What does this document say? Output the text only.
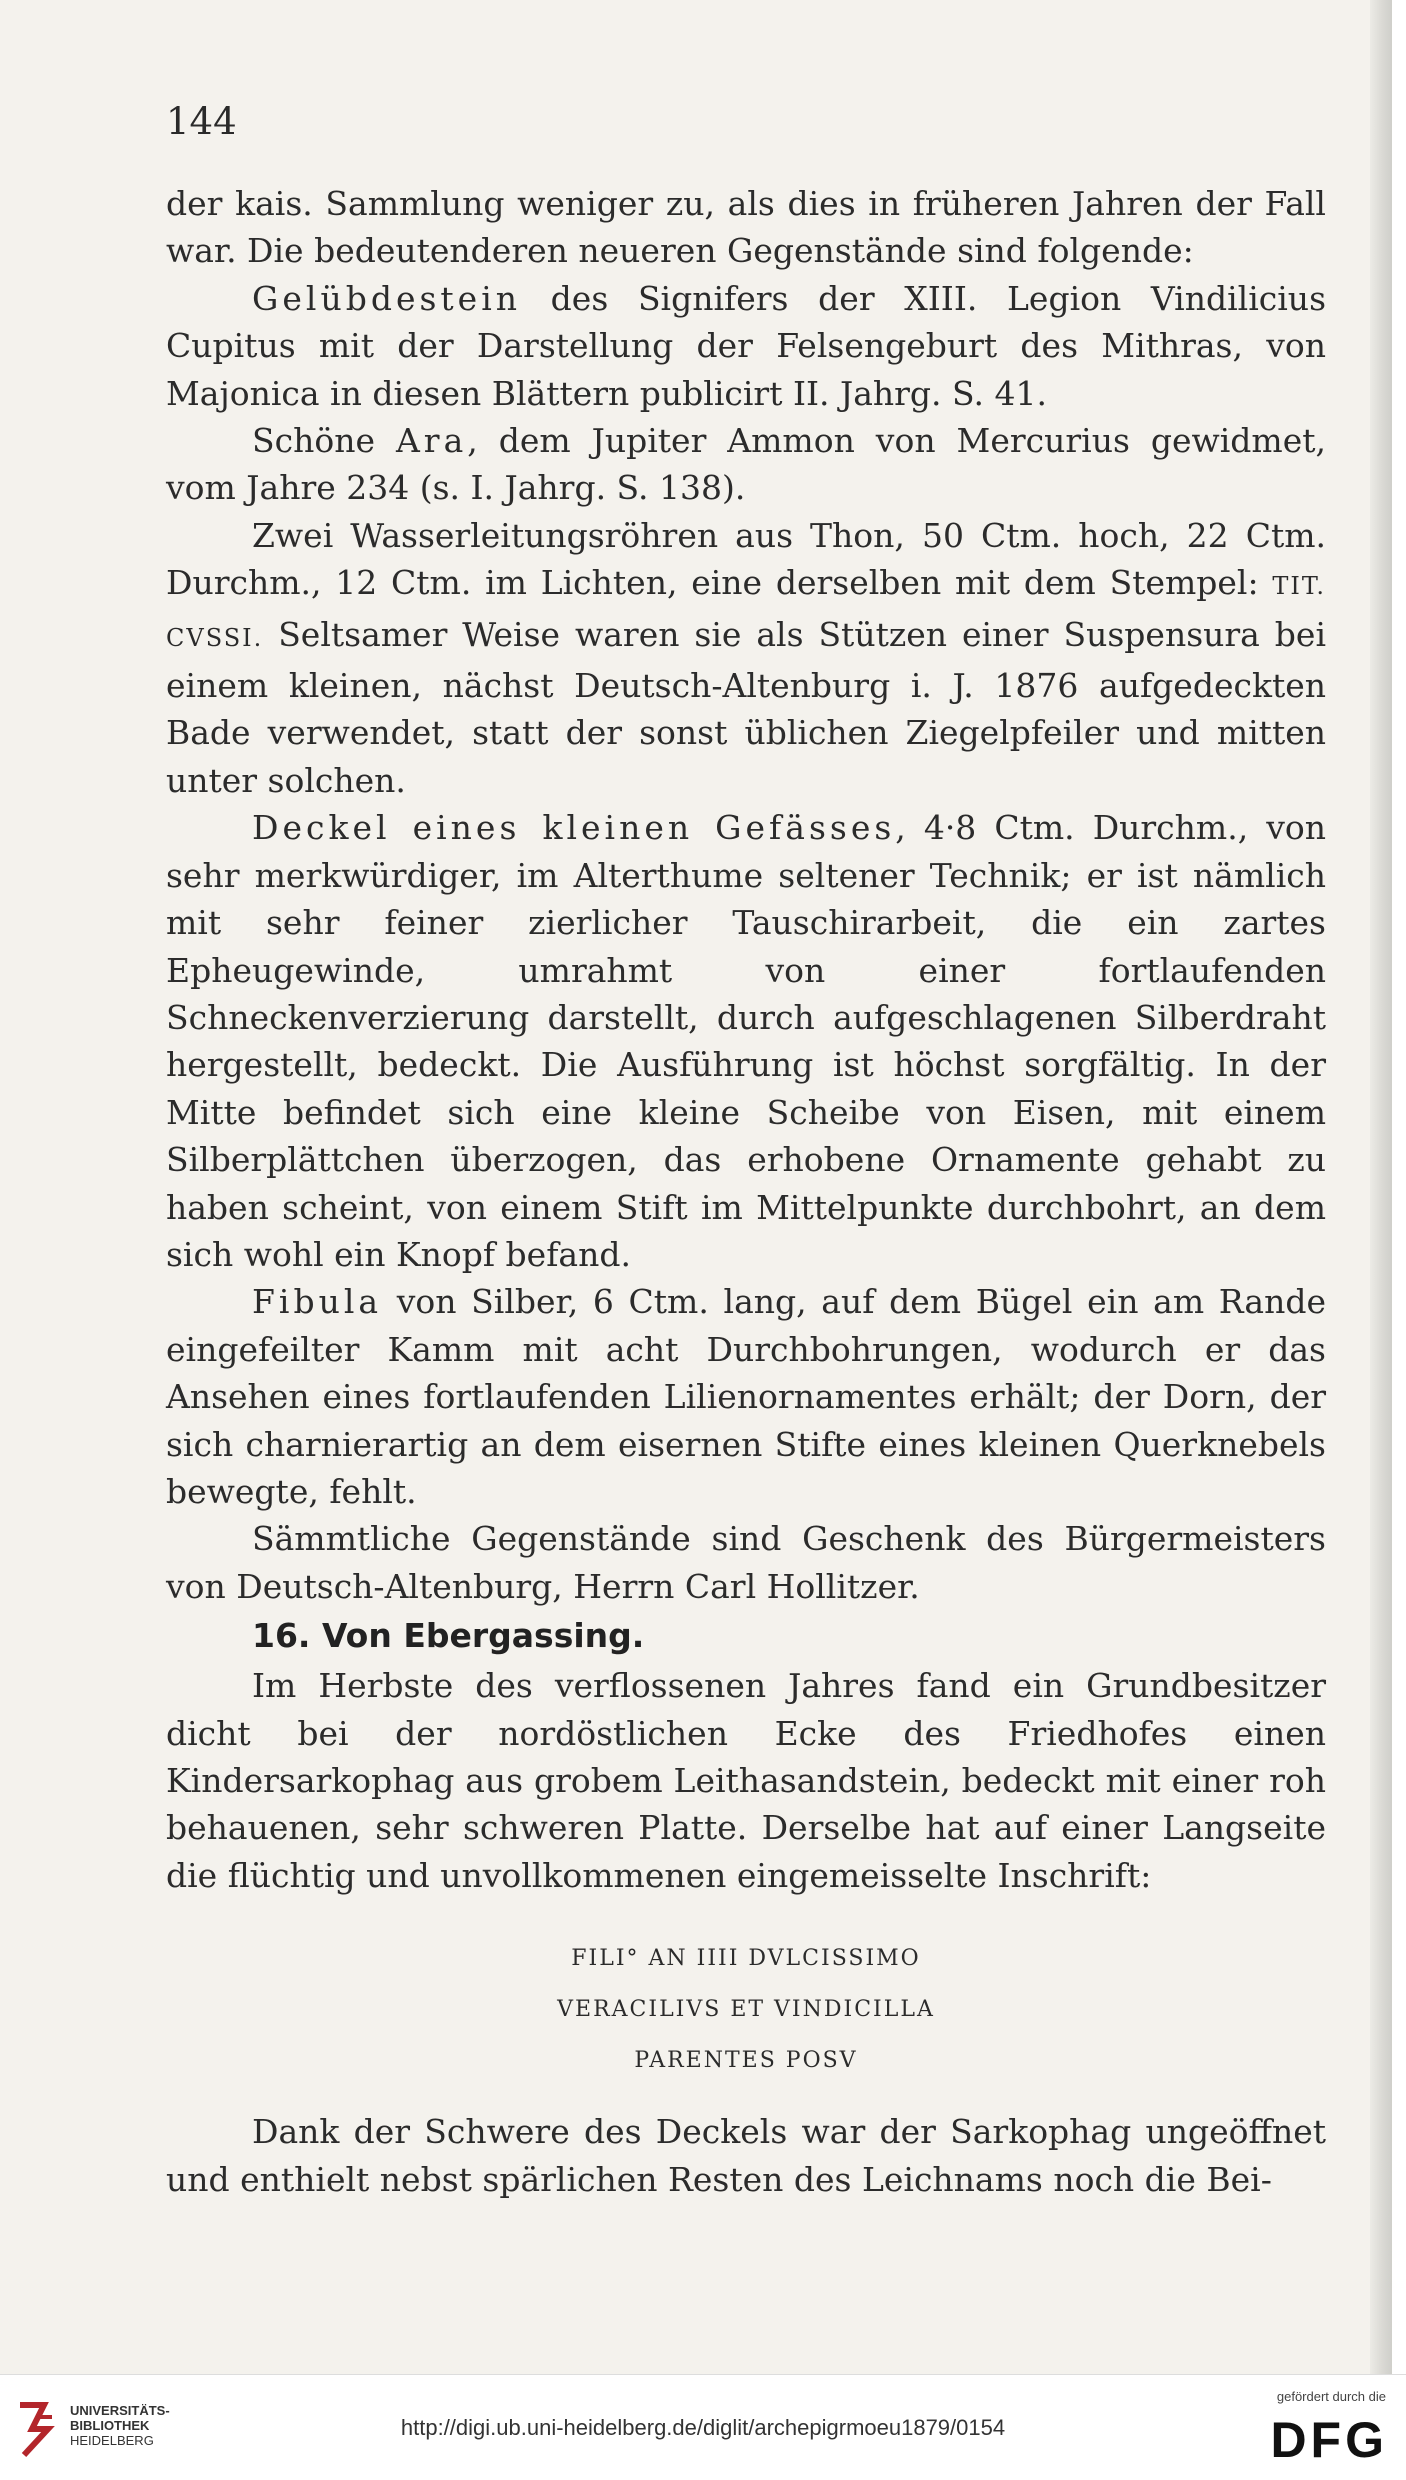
144

der kais. Sammlung weniger zu, als dies in früheren Jahren der Fall war. Die bedeutenderen neueren Gegenstände sind folgende:

Gelübdestein des Signifers der XIII. Legion Vindilicius Cupitus mit der Darstellung der Felsengeburt des Mithras, von Majonica in diesen Blättern publicirt II. Jahrg. S. 41.

Schöne Ara, dem Jupiter Ammon von Mercurius gewidmet, vom Jahre 234 (s. I. Jahrg. S. 138).

Zwei Wasserleitungsröhren aus Thon, 50 Ctm. hoch, 22 Ctm. Durchm., 12 Ctm. im Lichten, eine derselben mit dem Stempel: TIT. CVSSI. Seltsamer Weise waren sie als Stützen einer Suspensura bei einem kleinen, nächst Deutsch-Altenburg i. J. 1876 aufgedeckten Bade verwendet, statt der sonst üblichen Ziegelpfeiler und mitten unter solchen.

Deckel eines kleinen Gefässes, 4·8 Ctm. Durchm., von sehr merkwürdiger, im Alterthume seltener Technik; er ist nämlich mit sehr feiner zierlicher Tauschirarbeit, die ein zartes Epheugewinde, umrahmt von einer fortlaufenden Schneckenverzierung darstellt, durch aufgeschlagenen Silberdraht hergestellt, bedeckt. Die Ausführung ist höchst sorgfältig. In der Mitte befindet sich eine kleine Scheibe von Eisen, mit einem Silberplättchen überzogen, das erhobene Ornamente gehabt zu haben scheint, von einem Stift im Mittelpunkte durchbohrt, an dem sich wohl ein Knopf befand.

Fibula von Silber, 6 Ctm. lang, auf dem Bügel ein am Rande eingefeilter Kamm mit acht Durchbohrungen, wodurch er das Ansehen eines fortlaufenden Lilienornamentes erhält; der Dorn, der sich charnierartig an dem eisernen Stifte eines kleinen Querknebels bewegte, fehlt.

Sämmtliche Gegenstände sind Geschenk des Bürgermeisters von Deutsch-Altenburg, Herrn Carl Hollitzer.

16. Von Ebergassing.

Im Herbste des verflossenen Jahres fand ein Grundbesitzer dicht bei der nordöstlichen Ecke des Friedhofes einen Kindersarkophag aus grobem Leithasandstein, bedeckt mit einer roh behauenen, sehr schweren Platte. Derselbe hat auf einer Langseite die flüchtig und unvollkommenen eingemeisselte Inschrift:

FILI° AN IIII DVLCISSIMO
VERACILIVS ET VINDICILLA
PARENTES POSV

Dank der Schwere des Deckels war der Sarkophag ungeöffnet und enthielt nebst spärlichen Resten des Leichnams noch die Bei-

UNIVERSITÄTS-
BIBLIOTHEK
HEIDELBERG

http://digi.ub.uni-heidelberg.de/diglit/archepigrmoeu1879/0154

gefördert durch die

DFG
